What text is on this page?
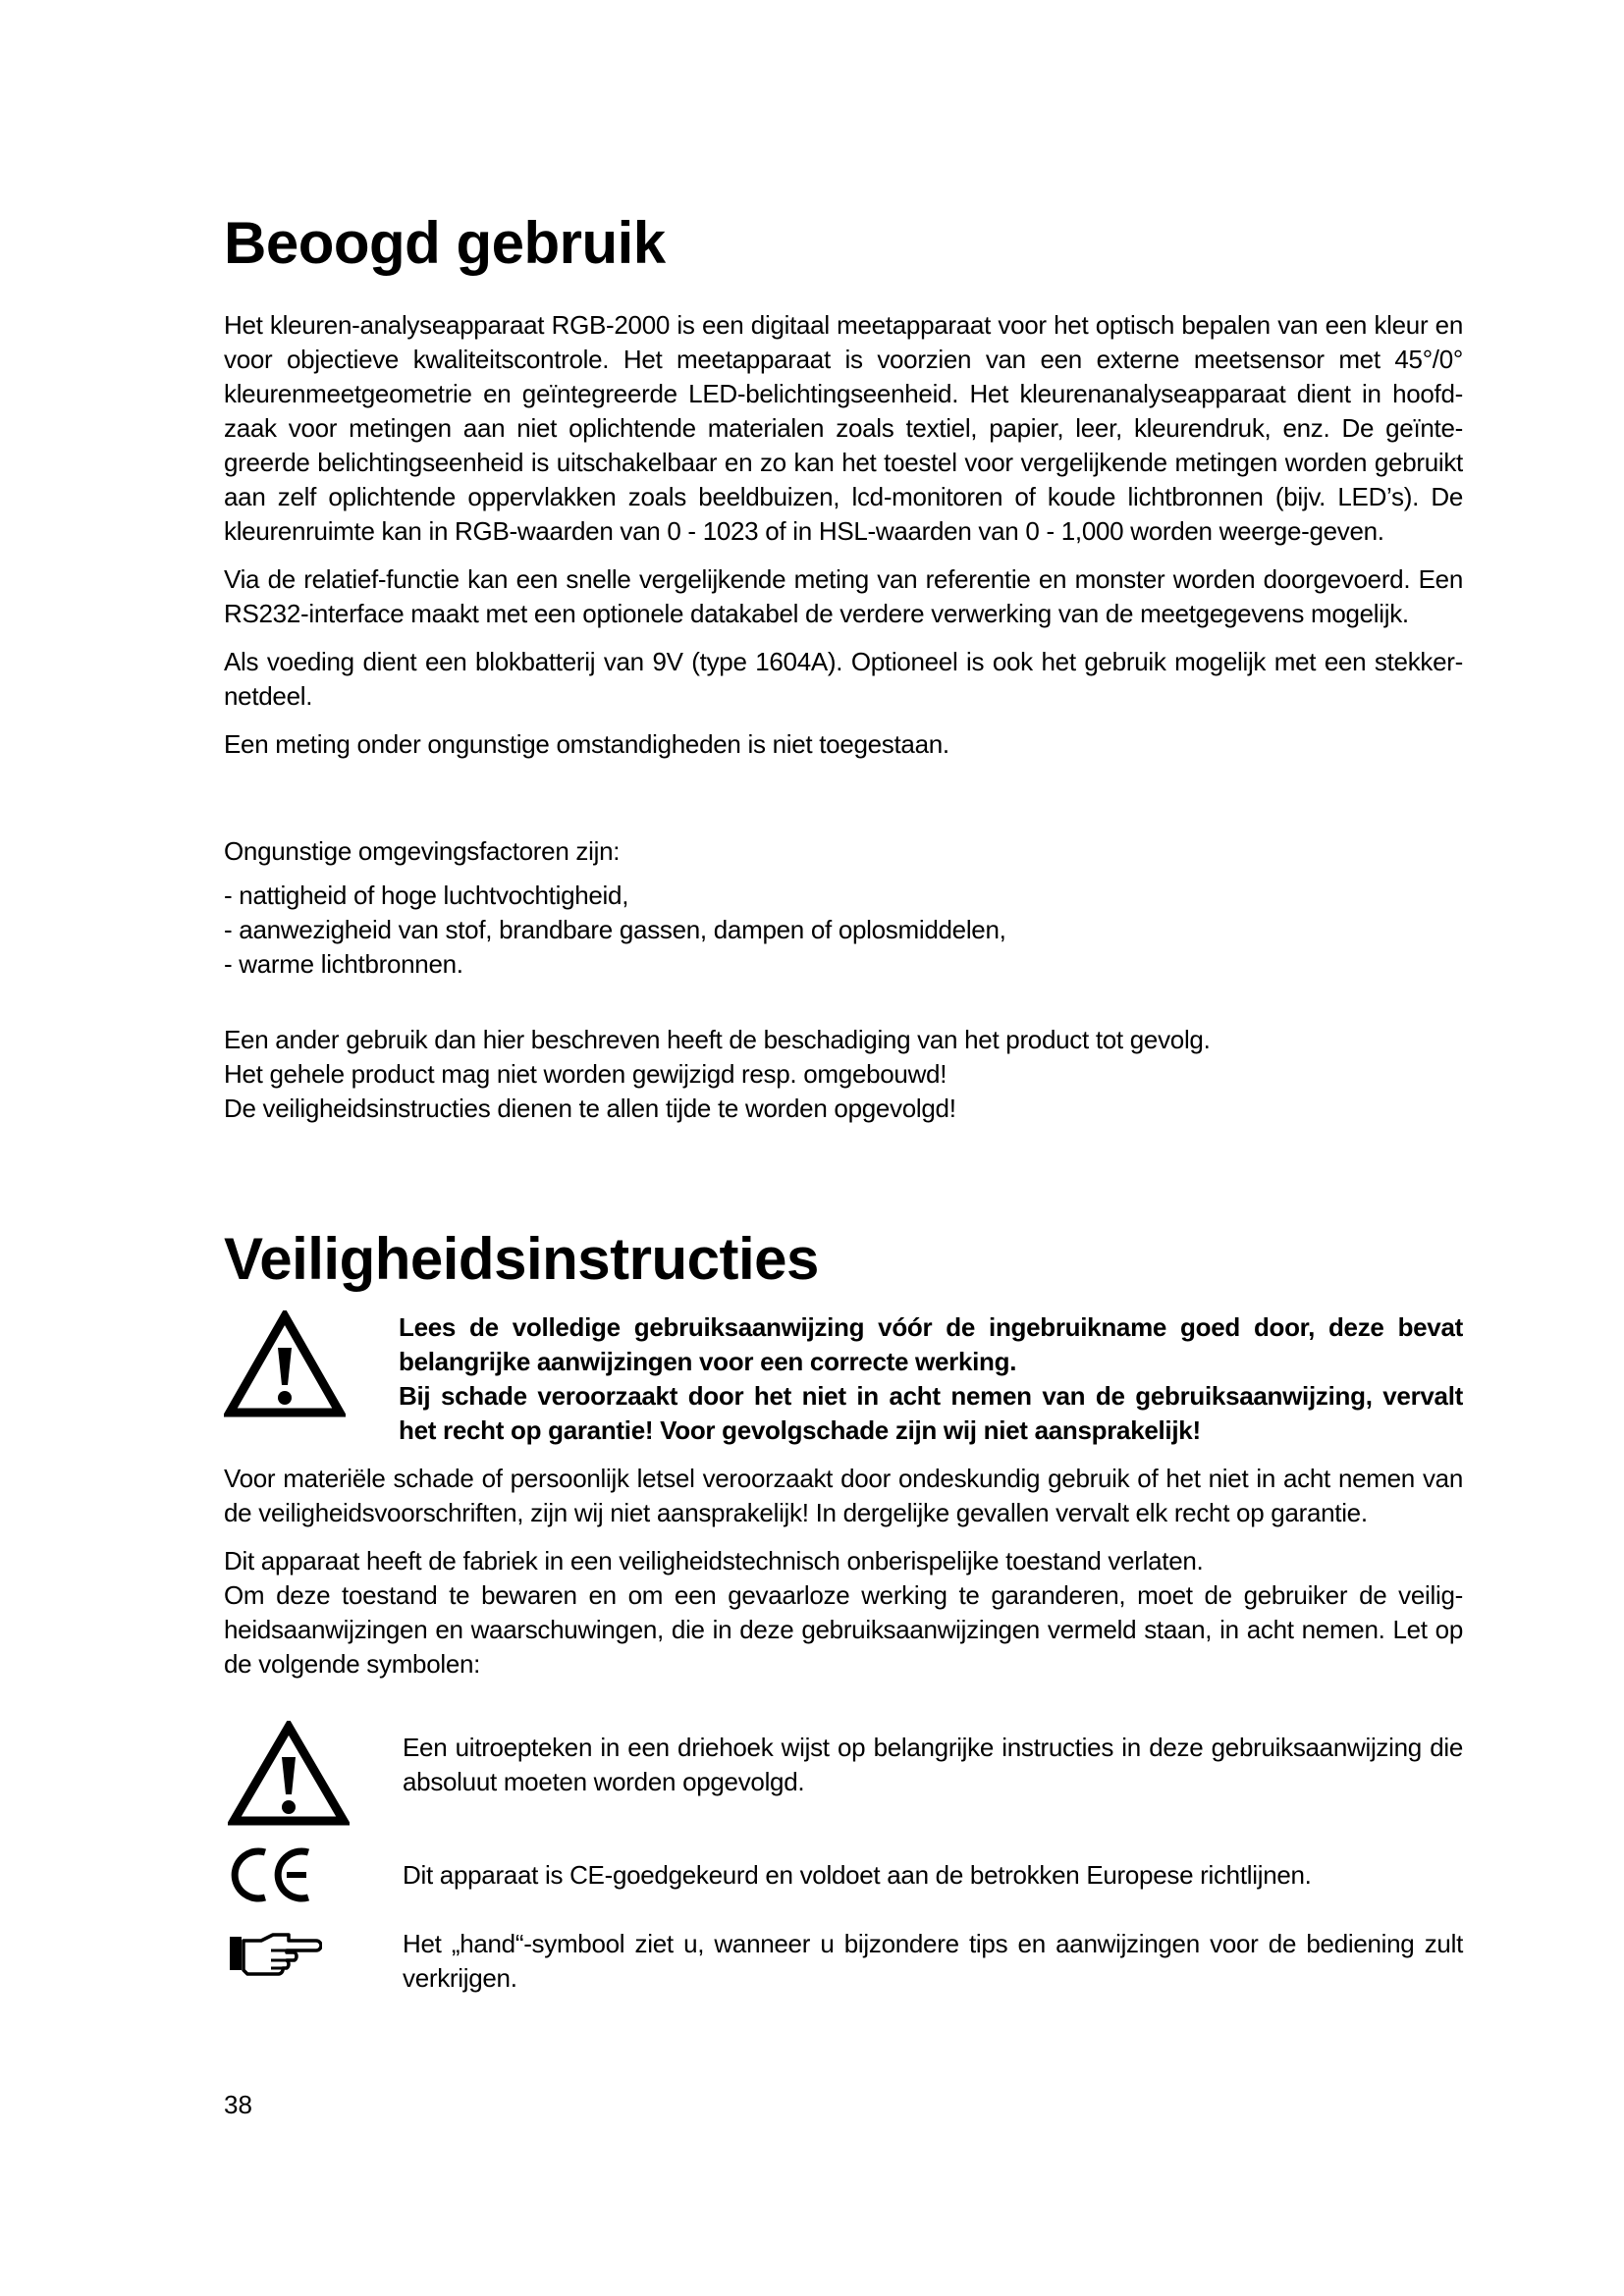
Beoogd gebruik

Het kleuren-analyseapparaat RGB-2000 is een digitaal meetapparaat voor het optisch bepalen van een kleur en voor objectieve kwaliteitscontrole. Het meetapparaat is voorzien van een externe meetsensor met 45°/0° kleurenmeetgeometrie en geïntegreerde LED-belichtingseenheid. Het kleurenanalyseapparaat dient in hoofd-zaak voor metingen aan niet oplichtende materialen zoals textiel, papier, leer, kleurendruk, enz. De geïnte-greerde belichtingseenheid is uitschakelbaar en zo kan het toestel voor vergelijkende metingen worden gebruikt aan zelf oplichtende oppervlakken zoals beeldbuizen, lcd-monitoren of koude lichtbronnen (bijv. LED’s). De kleurenruimte kan in RGB-waarden van 0 - 1023 of in HSL-waarden van 0 - 1,000 worden weerge-geven.

Via de relatief-functie kan een snelle vergelijkende meting van referentie en monster worden doorgevoerd. Een RS232-interface maakt met een optionele datakabel de verdere verwerking van de meetgegevens mogelijk.

Als voeding dient een blokbatterij van 9V (type 1604A). Optioneel is ook het gebruik mogelijk met een stekker-netdeel.

Een meting onder ongunstige omstandigheden is niet toegestaan.

Ongunstige omgevingsfactoren zijn:

- nattigheid of hoge luchtvochtigheid,

- aanwezigheid van stof, brandbare gassen, dampen of oplosmiddelen,

- warme lichtbronnen.

Een ander gebruik dan hier beschreven heeft de beschadiging van het product tot gevolg.

Het gehele product mag niet worden gewijzigd resp. omgebouwd!

De veiligheidsinstructies dienen te allen tijde te worden opgevolgd!

Veiligheidsinstructies

Lees de volledige gebruiksaanwijzing vóór de ingebruikname goed door, deze bevat belangrijke aanwijzingen voor een correcte werking.

Bij schade veroorzaakt door het niet in acht nemen van de gebruiksaanwijzing, vervalt het recht op garantie! Voor gevolgschade zijn wij niet aansprakelijk!

Voor materiële schade of persoonlijk letsel veroorzaakt door ondeskundig gebruik of het niet in acht nemen van de veiligheidsvoorschriften, zijn wij niet aansprakelijk! In dergelijke gevallen vervalt elk recht op garantie.

Dit apparaat heeft de fabriek in een veiligheidstechnisch onberispelijke toestand verlaten.

Om deze toestand te bewaren en om een gevaarloze werking te garanderen, moet de gebruiker de veilig-heidsaanwijzingen en waarschuwingen, die in deze gebruiksaanwijzingen vermeld staan, in acht nemen. Let op de volgende symbolen:

Een uitroepteken in een driehoek wijst op belangrijke instructies in deze gebruiksaanwijzing die absoluut moeten worden opgevolgd.

Dit apparaat is CE-goedgekeurd en voldoet aan de betrokken Europese richtlijnen.

Het „hand“-symbool ziet u, wanneer u bijzondere tips en aanwijzingen voor de bediening zult verkrijgen.

38
